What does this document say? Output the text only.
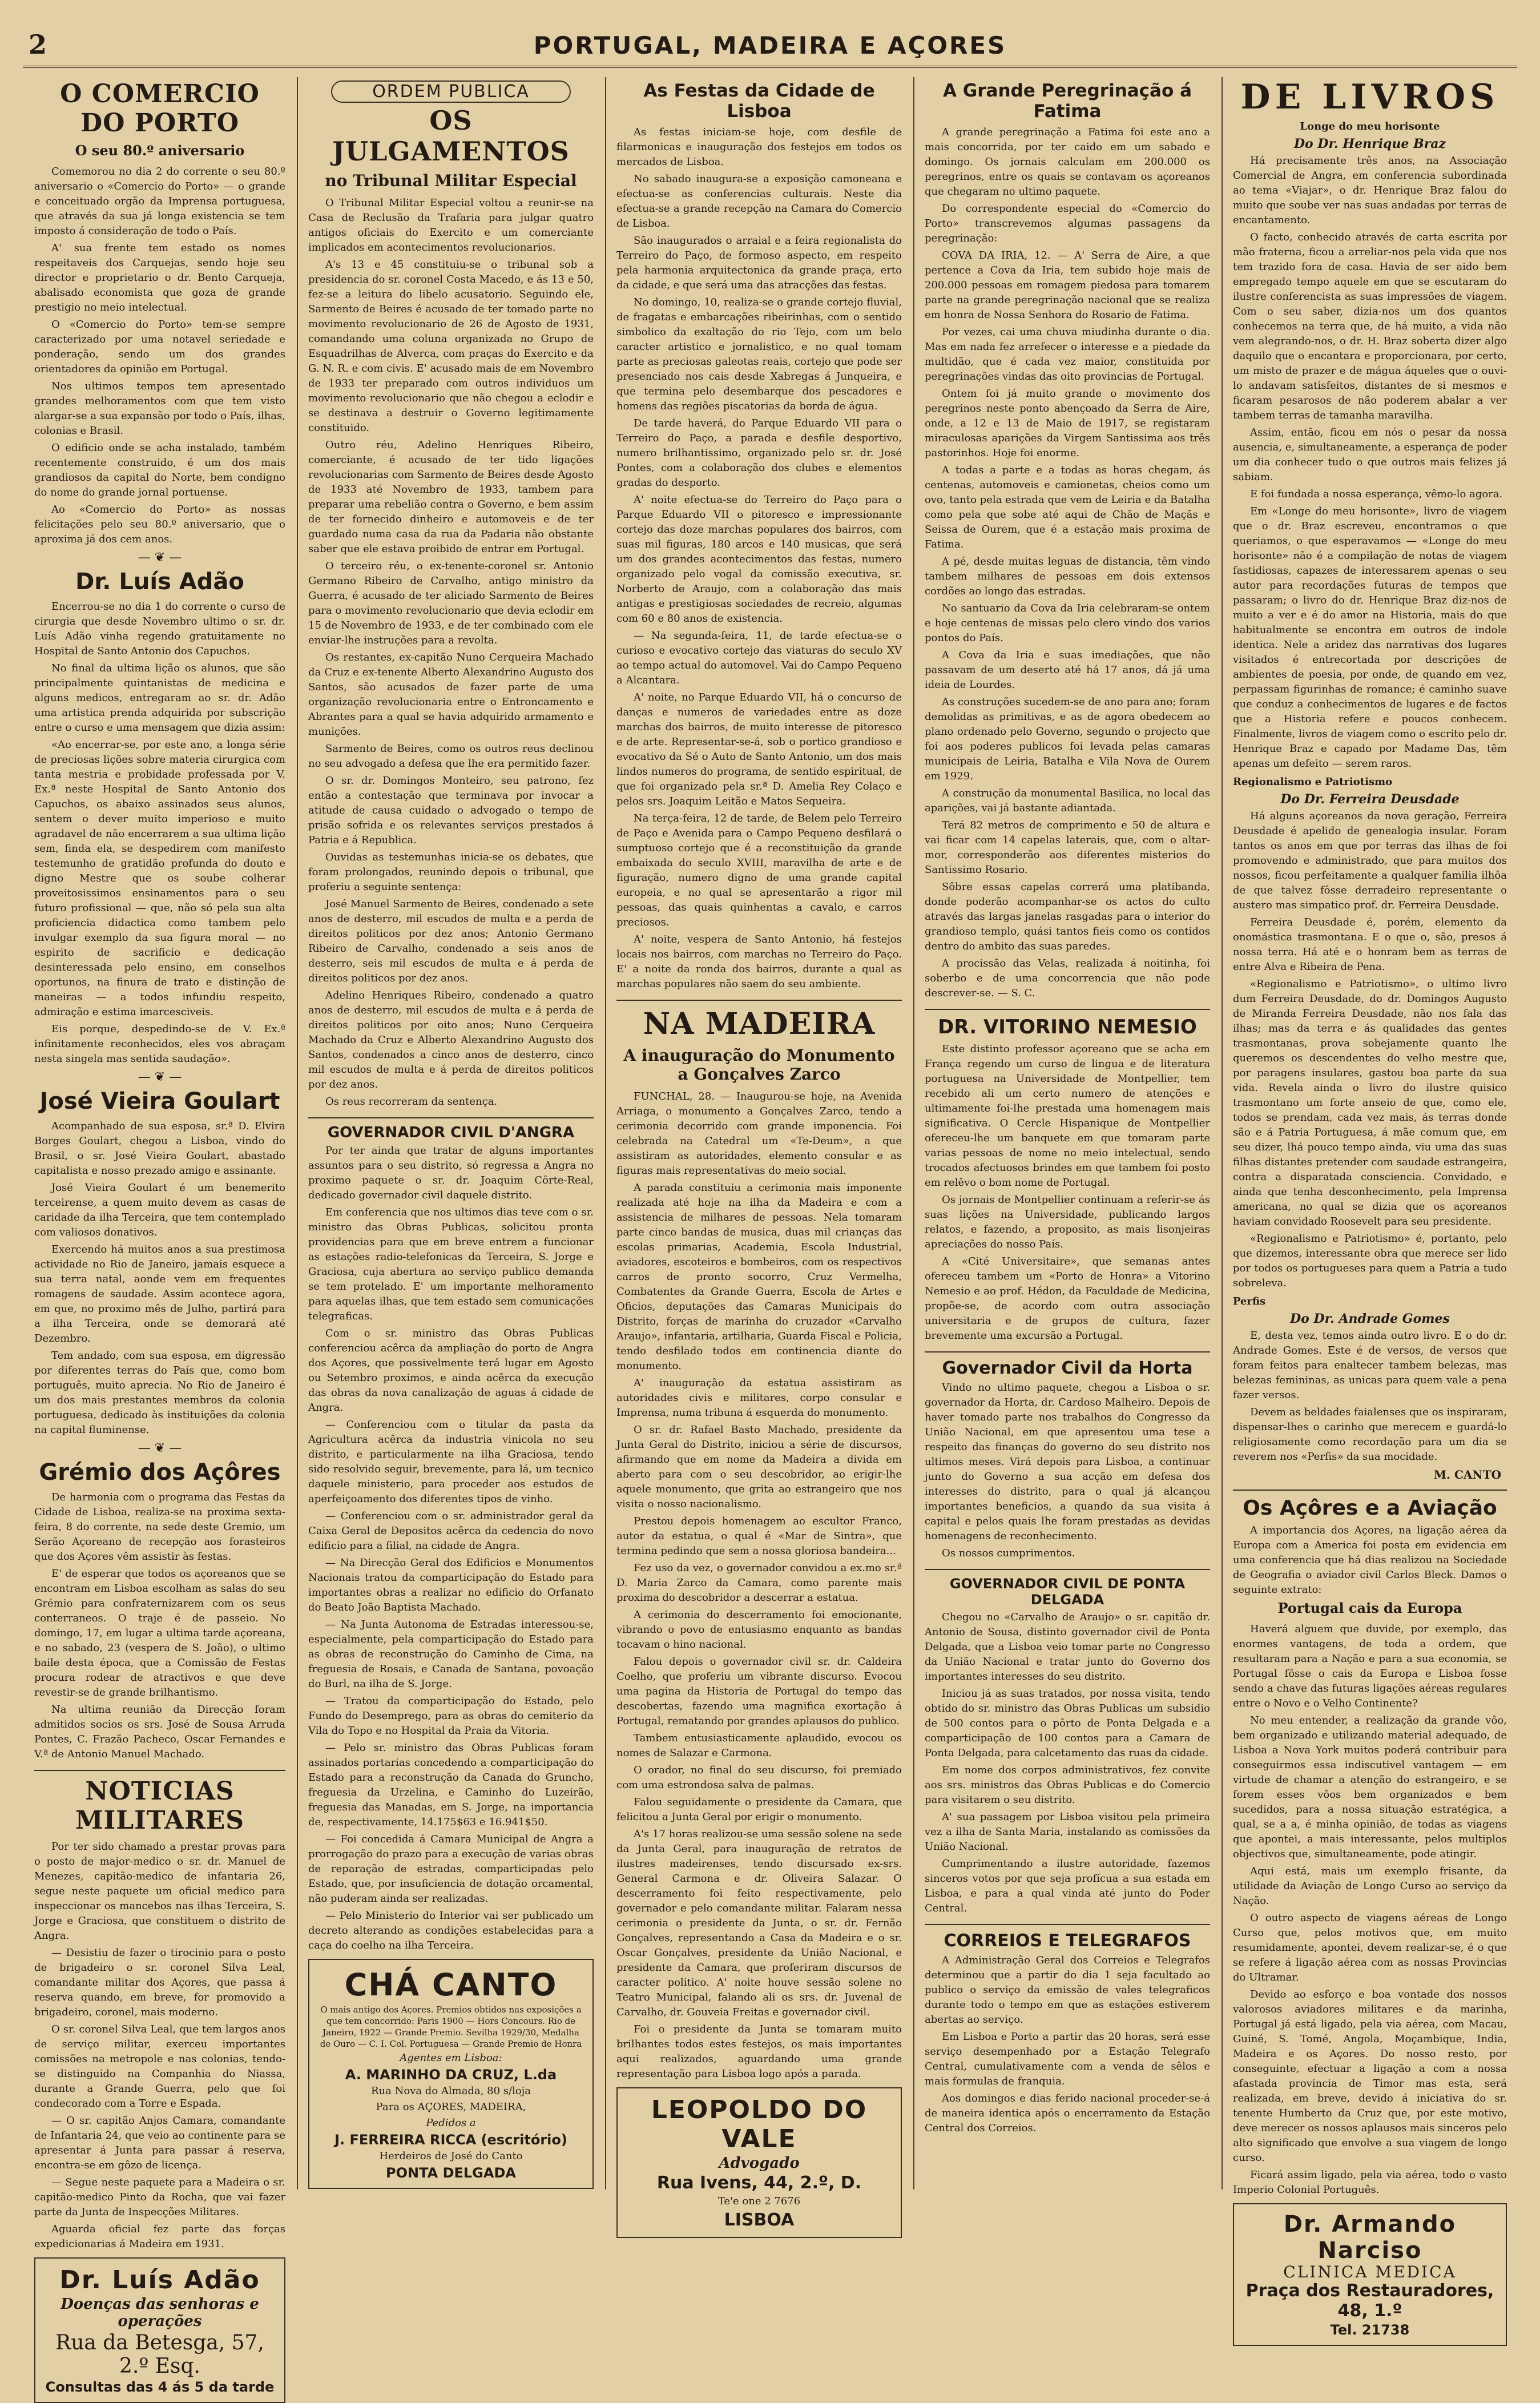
2	PORTUGAL, MADEIRA E AÇORES
O COMERCIO DO PORTO
O seu 80.º aniversario

Comemorou no dia 2 do corrente o seu 80.º aniversario o «Comercio do Porto» — o grande e conceituado orgão da Imprensa portuguesa, que através da sua já longa existencia se tem imposto á consideração de todo o País.

A' sua frente tem estado os nomes respeitaveis dos Carquejas, sendo hoje seu director e proprietario o dr. Bento Carqueja, abalisado economista que goza de grande prestigio no meio intelectual.

O «Comercio do Porto» tem-se sempre caracterizado por uma notavel seriedade e ponderação, sendo um dos grandes orientadores da opinião em Portugal.

Nos ultimos tempos tem apresentado grandes melhoramentos com que tem visto alargar-se a sua expansão por todo o País, ilhas, colonias e Brasil.

O edificio onde se acha instalado, também recentemente construido, é um dos mais grandiosos da capital do Norte, bem condigno do nome do grande jornal portuense.

Ao «Comercio do Porto» as nossas felicitações pelo seu 80.º aniversario, que o aproxima já dos cem anos.

— ❦ —
Dr. Luís Adão

Encerrou-se no dia 1 do corrente o curso de cirurgia que desde Novembro ultimo o sr. dr. Luís Adão vinha regendo gratuitamente no Hospital de Santo Antonio dos Capuchos.

No final da ultima lição os alunos, que são principalmente quintanistas de medicina e alguns medicos, entregaram ao sr. dr. Adão uma artistica prenda adquirida por subscrição entre o curso e uma mensagem que dizia assim:

«Ao encerrar-se, por este ano, a longa série de preciosas lições sobre materia cirurgica com tanta mestria e probidade professada por V. Ex.ª neste Hospital de Santo Antonio dos Capuchos, os abaixo assinados seus alunos, sentem o dever muito imperioso e muito agradavel de não encerrarem a sua ultima lição sem, finda ela, se despedirem com manifesto testemunho de gratidão profunda do douto e digno Mestre que os soube colherar proveitosissimos ensinamentos para o seu futuro profissional — que, não só pela sua alta proficiencia didactica como tambem pelo invulgar exemplo da sua figura moral — no espirito de sacrificio e dedicação desinteressada pelo ensino, em conselhos oportunos, na finura de trato e distinção de maneiras — a todos infundiu respeito, admiração e estima imarcesciveis.

Eis porque, despedindo-se de V. Ex.ª infinitamente reconhecidos, eles vos abraçam nesta singela mas sentida saudação».

— ❦ —
José Vieira Goulart

Acompanhado de sua esposa, sr.ª D. Elvira Borges Goulart, chegou a Lisboa, vindo do Brasil, o sr. José Vieira Goulart, abastado capitalista e nosso prezado amigo e assinante.

José Vieira Goulart é um benemerito terceirense, a quem muito devem as casas de caridade da ilha Terceira, que tem contemplado com valiosos donativos.

Exercendo há muitos anos a sua prestimosa actividade no Rio de Janeiro, jamais esquece a sua terra natal, aonde vem em frequentes romagens de saudade. Assim acontece agora, em que, no proximo mês de Julho, partirá para a ilha Terceira, onde se demorará até Dezembro.

Tem andado, com sua esposa, em digressão por diferentes terras do País que, como bom português, muito aprecia. No Rio de Janeiro é um dos mais prestantes membros da colonia portuguesa, dedicado às instituições da colonia na capital fluminense.

— ❦ —
Grémio dos Açôres

De harmonia com o programa das Festas da Cidade de Lisboa, realiza-se na proxima sexta-feira, 8 do corrente, na sede deste Gremio, um Serão Açoreano de recepção aos forasteiros que dos Açores vêm assistir às festas.

E' de esperar que todos os açoreanos que se encontram em Lisboa escolham as salas do seu Grémio para confraternizarem com os seus conterraneos. O traje é de passeio. No domingo, 17, em lugar a ultima tarde açoreana, e no sabado, 23 (vespera de S. João), o ultimo baile desta época, que a Comissão de Festas procura rodear de atractivos e que deve revestir-se de grande brilhantismo.

Na ultima reunião da Direcção foram admitidos socios os srs. José de Sousa Arruda Pontes, C. Frazão Pacheco, Oscar Fernandes e V.ª de Antonio Manuel Machado.

NOTICIAS MILITARES

Por ter sido chamado a prestar provas para o posto de major-medico o sr. dr. Manuel de Menezes, capitão-medico de infantaria 26, segue neste paquete um oficial medico para inspeccionar os mancebos nas ilhas Terceira, S. Jorge e Graciosa, que constituem o distrito de Angra.

— Desistiu de fazer o tirocinio para o posto de brigadeiro o sr. coronel Silva Leal, comandante militar dos Açores, que passa á reserva quando, em breve, for promovido a brigadeiro, coronel, mais moderno.

O sr. coronel Silva Leal, que tem largos anos de serviço militar, exerceu importantes comissões na metropole e nas colonias, tendo-se distinguido na Companhia do Niassa, durante a Grande Guerra, pelo que foi condecorado com a Torre e Espada.

— O sr. capitão Anjos Camara, comandante de Infantaria 24, que veio ao continente para se apresentar á Junta para passar á reserva, encontra-se em gôzo de licença.

— Segue neste paquete para a Madeira o sr. capitão-medico Pinto da Rocha, que vai fazer parte da Junta de Inspecções Militares.

Aguarda oficial fez parte das forças expedicionarias á Madeira em 1931.

Dr. Luís Adão

Doenças das senhoras e operações

Rua da Betesga, 57, 2.º Esq.

Consultas das 4 ás 5 da tarde

ORDEM PUBLICA
OS JULGAMENTOS
no Tribunal Militar Especial

O Tribunal Militar Especial voltou a reunir-se na Casa de Reclusão da Trafaria para julgar quatro antigos oficiais do Exercito e um comerciante implicados em acontecimentos revolucionarios.

A's 13 e 45 constituiu-se o tribunal sob a presidencia do sr. coronel Costa Macedo, e ás 13 e 50, fez-se a leitura do libelo acusatorio. Seguindo ele, Sarmento de Beires é acusado de ter tomado parte no movimento revolucionario de 26 de Agosto de 1931, comandando uma coluna organizada no Grupo de Esquadrilhas de Alverca, com praças do Exercito e da G. N. R. e com civis. E' acusado mais de em Novembro de 1933 ter preparado com outros individuos um movimento revolucionario que não chegou a eclodir e se destinava a destruir o Governo legitimamente constituido.

Outro réu, Adelino Henriques Ribeiro, comerciante, é acusado de ter tido ligações revolucionarias com Sarmento de Beires desde Agosto de 1933 até Novembro de 1933, tambem para preparar uma rebelião contra o Governo, e bem assim de ter fornecido dinheiro e automoveis e de ter guardado numa casa da rua da Padaria não obstante saber que ele estava proibido de entrar em Portugal.

O terceiro réu, o ex-tenente-coronel sr. Antonio Germano Ribeiro de Carvalho, antigo ministro da Guerra, é acusado de ter aliciado Sarmento de Beires para o movimento revolucionario que devia eclodir em 15 de Novembro de 1933, e de ter combinado com ele enviar-lhe instruções para a revolta.

Os restantes, ex-capitão Nuno Cerqueira Machado da Cruz e ex-tenente Alberto Alexandrino Augusto dos Santos, são acusados de fazer parte de uma organização revolucionaria entre o Entroncamento e Abrantes para a qual se havia adquirido armamento e munições.

Sarmento de Beires, como os outros reus declinou no seu advogado a defesa que lhe era permitido fazer.

O sr. dr. Domingos Monteiro, seu patrono, fez então a contestação que terminava por invocar a atitude de causa cuidado o advogado o tempo de prisão sofrida e os relevantes serviços prestados á Patria e á Republica.

Ouvidas as testemunhas inicia-se os debates, que foram prolongados, reunindo depois o tribunal, que proferiu a seguinte sentença:

José Manuel Sarmento de Beires, condenado a sete anos de desterro, mil escudos de multa e a perda de direitos politicos por dez anos; Antonio Germano Ribeiro de Carvalho, condenado a seis anos de desterro, seis mil escudos de multa e á perda de direitos politicos por dez anos.

Adelino Henriques Ribeiro, condenado a quatro anos de desterro, mil escudos de multa e á perda de direitos politicos por oito anos; Nuno Cerqueira Machado da Cruz e Alberto Alexandrino Augusto dos Santos, condenados a cinco anos de desterro, cinco mil escudos de multa e á perda de direitos politicos por dez anos.

Os reus recorreram da sentença.

GOVERNADOR CIVIL D'ANGRA

Por ter ainda que tratar de alguns importantes assuntos para o seu distrito, só regressa a Angra no proximo paquete o sr. dr. Joaquim Côrte-Real, dedicado governador civil daquele distrito.

Em conferencia que nos ultimos dias teve com o sr. ministro das Obras Publicas, solicitou pronta providencias para que em breve entrem a funcionar as estações radio-telefonicas da Terceira, S. Jorge e Graciosa, cuja abertura ao serviço publico demanda se tem protelado. E' um importante melhoramento para aquelas ilhas, que tem estado sem comunicações telegraficas.

Com o sr. ministro das Obras Publicas conferenciou acêrca da ampliação do porto de Angra dos Açores, que possivelmente terá lugar em Agosto ou Setembro proximos, e ainda acêrca da execução das obras da nova canalização de aguas á cidade de Angra.

— Conferenciou com o titular da pasta da Agricultura acêrca da industria vinicola no seu distrito, e particularmente na ilha Graciosa, tendo sido resolvido seguir, brevemente, para lá, um tecnico daquele ministerio, para proceder aos estudos de aperfeiçoamento dos diferentes tipos de vinho.

— Conferenciou com o sr. administrador geral da Caixa Geral de Depositos acêrca da cedencia do novo edificio para a filial, na cidade de Angra.

— Na Direcção Geral dos Edificios e Monumentos Nacionais tratou da comparticipação do Estado para importantes obras a realizar no edificio do Orfanato do Beato João Baptista Machado.

— Na Junta Autonoma de Estradas interessou-se, especialmente, pela comparticipação do Estado para as obras de reconstrução do Caminho de Cima, na freguesia de Rosais, e Canada de Santana, povoação do Burl, na ilha de S. Jorge.

— Tratou da comparticipação do Estado, pelo Fundo do Desemprego, para as obras do cemiterio da Vila do Topo e no Hospital da Praia da Vitoria.

— Pelo sr. ministro das Obras Publicas foram assinados portarias concedendo a comparticipação do Estado para a reconstrução da Canada do Gruncho, freguesia da Urzelina, e Caminho do Luzeirão, freguesia das Manadas, em S. Jorge, na importancia de, respectivamente, 14.175$63 e 16.941$50.

— Foi concedida á Camara Municipal de Angra a prorrogação do prazo para a execução de varias obras de reparação de estradas, comparticipadas pelo Estado, que, por insuficiencia de dotação orcamental, não puderam ainda ser realizadas.

— Pelo Ministerio do Interior vai ser publicado um decreto alterando as condições estabelecidas para a caça do coelho na ilha Terceira.

CHÁ CANTO

O mais antigo dos Açores. Premios obtidos nas exposições a que tem concorrido: Paris 1900 — Hors Concours. Rio de Janeiro, 1922 — Grande Premio. Sevilha 1929/30, Medalha de Ouro — C. I. Col. Portuguesa — Grande Premio de Honra

Agentes em Lisboa:

A. MARINHO DA CRUZ, L.da

Rua Nova do Almada, 80 s/loja

Para os AÇORES, MADEIRA,

Pedidos a

J. FERREIRA RICCA (escritório)

Herdeiros de José do Canto

PONTA DELGADA

As Festas da Cidade de Lisboa

As festas iniciam-se hoje, com desfile de filarmonicas e inauguração dos festejos em todos os mercados de Lisboa.

No sabado inaugura-se a exposição camoneana e efectua-se as conferencias culturais. Neste dia efectua-se a grande recepção na Camara do Comercio de Lisboa.

São inaugurados o arraial e a feira regionalista do Terreiro do Paço, de formoso aspecto, em respeito pela harmonia arquitectonica da grande praça, erto da cidade, e que será uma das atracções das festas.

No domingo, 10, realiza-se o grande cortejo fluvial, de fragatas e embarcações ribeirinhas, com o sentido simbolico da exaltação do rio Tejo, com um belo caracter artistico e jornalistico, e no qual tomam parte as preciosas galeotas reais, cortejo que pode ser presenciado nos cais desde Xabregas á Junqueira, e que termina pelo desembarque dos pescadores e homens das regiões piscatorias da borda de água.

De tarde haverá, do Parque Eduardo VII para o Terreiro do Paço, a parada e desfile desportivo, numero brilhantissimo, organizado pelo sr. dr. José Pontes, com a colaboração dos clubes e elementos gradas do desporto.

A' noite efectua-se do Terreiro do Paço para o Parque Eduardo VII o pitoresco e impressionante cortejo das doze marchas populares dos bairros, com suas mil figuras, 180 arcos e 140 musicas, que será um dos grandes acontecimentos das festas, numero organizado pelo vogal da comissão executiva, sr. Norberto de Araujo, com a colaboração das mais antigas e prestigiosas sociedades de recreio, algumas com 60 e 80 anos de existencia.

— Na segunda-feira, 11, de tarde efectua-se o curioso e evocativo cortejo das viaturas do seculo XV ao tempo actual do automovel. Vai do Campo Pequeno a Alcantara.

A' noite, no Parque Eduardo VII, há o concurso de danças e numeros de variedades entre as doze marchas dos bairros, de muito interesse de pitoresco e de arte. Representar-se-á, sob o portico grandioso e evocativo da Sé o Auto de Santo Antonio, um dos mais lindos numeros do programa, de sentido espiritual, de que foi organizado pela sr.ª D. Amelia Rey Colaço e pelos srs. Joaquim Leitão e Matos Sequeira.

Na terça-feira, 12 de tarde, de Belem pelo Terreiro de Paço e Avenida para o Campo Pequeno desfilará o sumptuoso cortejo que é a reconstituição da grande embaixada do seculo XVIII, maravilha de arte e de figuração, numero digno de uma grande capital europeia, e no qual se apresentarão a rigor mil pessoas, das quais quinhentas a cavalo, e carros preciosos.

A' noite, vespera de Santo Antonio, há festejos locais nos bairros, com marchas no Terreiro do Paço. E' a noite da ronda dos bairros, durante a qual as marchas populares não saem do seu ambiente.

NA MADEIRA
A inauguração do Monumento a Gonçalves Zarco

FUNCHAL, 28. — Inaugurou-se hoje, na Avenida Arriaga, o monumento a Gonçalves Zarco, tendo a cerimonia decorrido com grande imponencia. Foi celebrada na Catedral um «Te-Deum», a que assistiram as autoridades, elemento consular e as figuras mais representativas do meio social.

A parada constituiu a cerimonia mais imponente realizada até hoje na ilha da Madeira e com a assistencia de milhares de pessoas. Nela tomaram parte cinco bandas de musica, duas mil crianças das escolas primarias, Academia, Escola Industrial, aviadores, escoteiros e bombeiros, com os respectivos carros de pronto socorro, Cruz Vermelha, Combatentes da Grande Guerra, Escola de Artes e Oficios, deputações das Camaras Municipais do Distrito, forças de marinha do cruzador «Carvalho Araujo», infantaria, artilharia, Guarda Fiscal e Policia, tendo desfilado todos em continencia diante do monumento.

A' inauguração da estatua assistiram as autoridades civis e militares, corpo consular e Imprensa, numa tribuna á esquerda do monumento.

O sr. dr. Rafael Basto Machado, presidente da Junta Geral do Distrito, iniciou a série de discursos, afirmando que em nome da Madeira a divida em aberto para com o seu descobridor, ao erigir-lhe aquele monumento, que grita ao estrangeiro que nos visita o nosso nacionalismo.

Prestou depois homenagem ao escultor Franco, autor da estatua, o qual é «Mar de Sintra», que termina pedindo que sem a nossa gloriosa bandeira...

Fez uso da vez, o governador convidou a ex.mo sr.ª D. Maria Zarco da Camara, como parente mais proxima do descobridor a descerrar a estatua.

A cerimonia do descerramento foi emocionante, vibrando o povo de entusiasmo enquanto as bandas tocavam o hino nacional.

Falou depois o governador civil sr. dr. Caldeira Coelho, que proferiu um vibrante discurso. Evocou uma pagina da Historia de Portugal do tempo das descobertas, fazendo uma magnifica exortação á Portugal, rematando por grandes aplausos do publico.

Tambem entusiasticamente aplaudido, evocou os nomes de Salazar e Carmona.

O orador, no final do seu discurso, foi premiado com uma estrondosa salva de palmas.

Falou seguidamente o presidente da Camara, que felicitou a Junta Geral por erigir o monumento.

A's 17 horas realizou-se uma sessão solene na sede da Junta Geral, para inauguração de retratos de ilustres madeirenses, tendo discursado ex-srs. General Carmona e dr. Oliveira Salazar. O descerramento foi feito respectivamente, pelo governador e pelo comandante militar. Falaram nessa cerimonia o presidente da Junta, o sr. dr. Fernão Gonçalves, representando a Casa da Madeira e o sr. Oscar Gonçalves, presidente da União Nacional, e presidente da Camara, que proferiram discursos de caracter politico. A' noite houve sessão solene no Teatro Municipal, falando ali os srs. dr. Juvenal de Carvalho, dr. Gouveia Freitas e governador civil.

Foi o presidente da Junta se tomaram muito brilhantes todos estes festejos, os mais importantes aqui realizados, aguardando uma grande representação para Lisboa logo após a parada.

LEOPOLDO DO VALE

Advogado

Rua Ivens, 44, 2.º, D.

Te'e one 2 7676

LISBOA

A Grande Peregrinação á Fatima

A grande peregrinação a Fatima foi este ano a mais concorrida, por ter caido em um sabado e domingo. Os jornais calculam em 200.000 os peregrinos, entre os quais se contavam os açoreanos que chegaram no ultimo paquete.

Do correspondente especial do «Comercio do Porto» transcrevemos algumas passagens da peregrinação:

COVA DA IRIA, 12. — A' Serra de Aire, a que pertence a Cova da Iria, tem subido hoje mais de 200.000 pessoas em romagem piedosa para tomarem parte na grande peregrinação nacional que se realiza em honra de Nossa Senhora do Rosario de Fatima.

Por vezes, cai uma chuva miudinha durante o dia. Mas em nada fez arrefecer o interesse e a piedade da multidão, que é cada vez maior, constituida por peregrinações vindas das oito provincias de Portugal.

Ontem foi já muito grande o movimento dos peregrinos neste ponto abençoado da Serra de Aire, onde, a 12 e 13 de Maio de 1917, se registaram miraculosas aparições da Virgem Santissima aos três pastorinhos. Hoje foi enorme.

A todas a parte e a todas as horas chegam, ás centenas, automoveis e camionetas, cheios como um ovo, tanto pela estrada que vem de Leiria e da Batalha como pela que sobe até aqui de Chão de Maçãs e Seissa de Ourem, que é a estação mais proxima de Fatima.

A pé, desde muitas leguas de distancia, têm vindo tambem milhares de pessoas em dois extensos cordões ao longo das estradas.

No santuario da Cova da Iria celebraram-se ontem e hoje centenas de missas pelo clero vindo dos varios pontos do País.

A Cova da Iria e suas imediações, que não passavam de um deserto até há 17 anos, dá já uma ideia de Lourdes.

As construções sucedem-se de ano para ano; foram demolidas as primitivas, e as de agora obedecem ao plano ordenado pelo Governo, segundo o projecto que foi aos poderes publicos foi levada pelas camaras municipais de Leiria, Batalha e Vila Nova de Ourem em 1929.

A construção da monumental Basilica, no local das aparições, vai já bastante adiantada.

Terá 82 metros de comprimento e 50 de altura e vai ficar com 14 capelas laterais, que, com o altar-mor, corresponderão aos diferentes misterios do Santissimo Rosario.

Sôbre essas capelas correrá uma platibanda, donde poderão acompanhar-se os actos do culto através das largas janelas rasgadas para o interior do grandioso templo, quási tantos fieis como os contidos dentro do ambito das suas paredes.

A procissão das Velas, realizada á noitinha, foi soberbo e de uma concorrencia que não pode descrever-se. — S. C.

DR. VITORINO NEMESIO

Este distinto professor açoreano que se acha em França regendo um curso de lingua e de literatura portuguesa na Universidade de Montpellier, tem recebido ali um certo numero de atenções e ultimamente foi-lhe prestada uma homenagem mais significativa. O Cercle Hispanique de Montpellier ofereceu-lhe um banquete em que tomaram parte varias pessoas de nome no meio intelectual, sendo trocados afectuosos brindes em que tambem foi posto em relêvo o bom nome de Portugal.

Os jornais de Montpellier continuam a referir-se ás suas lições na Universidade, publicando largos relatos, e fazendo, a proposito, as mais lisonjeiras apreciações do nosso País.

A «Cité Universitaire», que semanas antes ofereceu tambem um «Porto de Honra» a Vitorino Nemesio e ao prof. Hédon, da Faculdade de Medicina, propõe-se, de acordo com outra associação universitaria e de grupos de cultura, fazer brevemente uma excursão a Portugal.

Governador Civil da Horta

Vindo no ultimo paquete, chegou a Lisboa o sr. governador da Horta, dr. Cardoso Malheiro. Depois de haver tomado parte nos trabalhos do Congresso da União Nacional, em que apresentou uma tese a respeito das finanças do governo do seu distrito nos ultimos meses. Virá depois para Lisboa, a continuar junto do Governo a sua acção em defesa dos interesses do distrito, para o qual já alcançou importantes beneficios, a quando da sua visita á capital e pelos quais lhe foram prestadas as devidas homenagens de reconhecimento.

Os nossos cumprimentos.

GOVERNADOR CIVIL DE PONTA DELGADA

Chegou no «Carvalho de Araujo» o sr. capitão dr. Antonio de Sousa, distinto governador civil de Ponta Delgada, que a Lisboa veio tomar parte no Congresso da União Nacional e tratar junto do Governo dos importantes interesses do seu distrito.

Iniciou já as suas tratados, por nossa visita, tendo obtido do sr. ministro das Obras Publicas um subsidio de 500 contos para o pôrto de Ponta Delgada e a comparticipação de 100 contos para a Camara de Ponta Delgada, para calcetamento das ruas da cidade.

Em nome dos corpos administrativos, fez convite aos srs. ministros das Obras Publicas e do Comercio para visitarem o seu distrito.

A' sua passagem por Lisboa visitou pela primeira vez a ilha de Santa Maria, instalando as comissões da União Nacional.

Cumprimentando a ilustre autoridade, fazemos sinceros votos por que seja profícua a sua estada em Lisboa, e para a qual vinda até junto do Poder Central.

CORREIOS E TELEGRAFOS

A Administração Geral dos Correios e Telegrafos determinou que a partir do dia 1 seja facultado ao publico o serviço da emissão de vales telegraficos durante todo o tempo em que as estações estiverem abertas ao serviço.

Em Lisboa e Porto a partir das 20 horas, será esse serviço desempenhado por a Estação Telegrafo Central, cumulativamente com a venda de sêlos e mais formulas de franquia.

Aos domingos e dias ferido nacional proceder-se-á de maneira identica após o encerramento da Estação Central dos Correios.

DE LIVROS
Longe do meu horisonte
Do Dr. Henrique Braz

Há precisamente três anos, na Associação Comercial de Angra, em conferencia subordinada ao tema «Viajar», o dr. Henrique Braz falou do muito que soube ver nas suas andadas por terras de encantamento.

O facto, conhecido através de carta escrita por mão fraterna, ficou a arreliar-nos pela vida que nos tem trazido fora de casa. Havia de ser aido bem empregado tempo aquele em que se escutaram do ilustre conferencista as suas impressões de viagem. Com o seu saber, dizia-nos um dos quantos conhecemos na terra que, de há muito, a vida não vem alegrando-nos, o dr. H. Braz soberta dizer algo daquilo que o encantara e proporcionara, por certo, um misto de prazer e de mágua áqueles que o ouvi-lo andavam satisfeitos, distantes de si mesmos e ficaram pesarosos de não poderem abalar a ver tambem terras de tamanha maravilha.

Assim, então, ficou em nós o pesar da nossa ausencia, e, simultaneamente, a esperança de poder um dia conhecer tudo o que outros mais felizes já sabiam.

E foi fundada a nossa esperança, vêmo-lo agora.

Em «Longe do meu horisonte», livro de viagem que o dr. Braz escreveu, encontramos o que queriamos, o que esperavamos — «Longe do meu horisonte» não é a compilação de notas de viagem fastidiosas, capazes de interessarem apenas o seu autor para recordações futuras de tempos que passaram; o livro do dr. Henrique Braz diz-nos de muito a ver e é do amor na Historia, mais do que habitualmente se encontra em outros de indole identica. Nele a aridez das narrativas dos lugares visitados é entrecortada por descrições de ambientes de poesia, por onde, de quando em vez, perpassam figurinhas de romance; é caminho suave que conduz a conhecimentos de lugares e de factos que a Historia refere e poucos conhecem. Finalmente, livros de viagem como o escrito pelo dr. Henrique Braz e capado por Madame Das, têm apenas um defeito — serem raros.

Regionalismo e Patriotismo
Do Dr. Ferreira Deusdade

Há alguns açoreanos da nova geração, Ferreira Deusdade é apelido de genealogia insular. Foram tantos os anos em que por terras das ilhas de foi promovendo e administrado, que para muitos dos nossos, ficou perfeitamente a qualquer familia ilhôa de que talvez fôsse derradeiro representante o austero mas simpatico prof. dr. Ferreira Deusdade.

Ferreira Deusdade é, porém, elemento da onomástica trasmontana. E o que o, são, presos á nossa terra. Há até e o honram bem as terras de entre Alva e Ribeira de Pena.

«Regionalismo e Patriotismo», o ultimo livro dum Ferreira Deusdade, do dr. Domingos Augusto de Miranda Ferreira Deusdade, não nos fala das ilhas; mas da terra e ás qualidades das gentes trasmontanas, prova sobejamente quanto lhe queremos os descendentes do velho mestre que, por paragens insulares, gastou boa parte da sua vida. Revela ainda o livro do ilustre quisico trasmontano um forte anseio de que, como ele, todos se prendam, cada vez mais, ás terras donde são e á Patria Portuguesa, á mãe comum que, em seu dizer, lhá pouco tempo ainda, viu uma das suas filhas distantes pretender com saudade estrangeira, contra a disparatada consciencia. Convidado, e ainda que tenha desconhecimento, pela Imprensa americana, no qual se dizia que os açoreanos haviam convidado Roosevelt para seu presidente.

«Regionalismo e Patriotismo» é, portanto, pelo que dizemos, interessante obra que merece ser lido por todos os portugueses para quem a Patria a tudo sobreleva.

Perfis
Do Dr. Andrade Gomes

E, desta vez, temos ainda outro livro. E o do dr. Andrade Gomes. Este é de versos, de versos que foram feitos para enaltecer tambem belezas, mas belezas femininas, as unicas para quem vale a pena fazer versos.

Devem as beldades faialenses que os inspiraram, dispensar-lhes o carinho que merecem e guardá-lo religiosamente como recordação para um dia se reverem nos «Perfis» da sua mocidade.

M. CANTO
Os Açôres e a Aviação

A importancia dos Açores, na ligação aérea da Europa com a America foi posta em evidencia em uma conferencia que há dias realizou na Sociedade de Geografia o aviador civil Carlos Bleck. Damos o seguinte extrato:

Portugal cais da Europa

Haverá alguem que duvide, por exemplo, das enormes vantagens, de toda a ordem, que resultaram para a Nação e para a sua economia, se Portugal fôsse o cais da Europa e Lisboa fosse sendo a chave das futuras ligações aéreas regulares entre o Novo e o Velho Continente?

No meu entender, a realização da grande vôo, bem organizado e utilizando material adequado, de Lisboa a Nova York muitos poderá contribuir para conseguirmos essa indiscutivel vantagem — em virtude de chamar a atenção do estrangeiro, e se forem esses vôos bem organizados e bem sucedidos, para a nossa situação estratégica, a qual, se a a, é minha opinião, de todas as viagens que apontei, a mais interessante, pelos multiplos objectivos que, simultaneamente, pode atingir.

Aqui está, mais um exemplo frisante, da utilidade da Aviação de Longo Curso ao serviço da Nação.

O outro aspecto de viagens aéreas de Longo Curso que, pelos motivos que, em muito resumidamente, apontei, devem realizar-se, é o que se refere á ligação aérea com as nossas Provincias do Ultramar.

Devido ao esforço e boa vontade dos nossos valorosos aviadores militares e da marinha, Portugal já está ligado, pela via aérea, com Macau, Guiné, S. Tomé, Angola, Moçambique, India, Madeira e os Açores. Do nosso resto, por conseguinte, efectuar a ligação a com a nossa afastada provincia de Timor mas esta, será realizada, em breve, devido á iniciativa do sr. tenente Humberto da Cruz que, por este motivo, deve merecer os nossos aplausos mais sinceros pelo alto significado que envolve a sua viagem de longo curso.

Ficará assim ligado, pela via aérea, todo o vasto Imperio Colonial Português.

Dr. Armando Narciso

CLINICA MEDICA

Praça dos Restauradores, 48, 1.º

Tel. 21738
